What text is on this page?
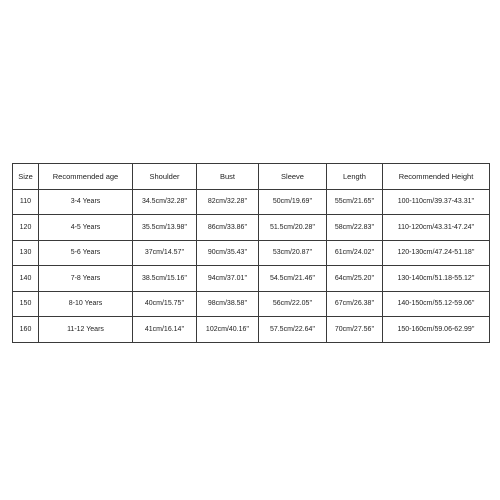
Size	Recommended age	Shoulder	Bust	Sleeve	Length	Recommended Height
110	3-4 Years	34.5cm/32.28''	82cm/32.28''	50cm/19.69''	55cm/21.65''	100-110cm/39.37-43.31''
120	4-5 Years	35.5cm/13.98''	86cm/33.86''	51.5cm/20.28''	58cm/22.83''	110-120cm/43.31-47.24''
130	5-6 Years	37cm/14.57''	90cm/35.43''	53cm/20.87''	61cm/24.02''	120-130cm/47.24-51.18''
140	7-8 Years	38.5cm/15.16''	94cm/37.01''	54.5cm/21.46''	64cm/25.20''	130-140cm/51.18-55.12''
150	8-10 Years	40cm/15.75''	98cm/38.58''	56cm/22.05''	67cm/26.38''	140-150cm/55.12-59.06''
160	11-12 Years	41cm/16.14''	102cm/40.16''	57.5cm/22.64''	70cm/27.56''	150-160cm/59.06-62.99''
